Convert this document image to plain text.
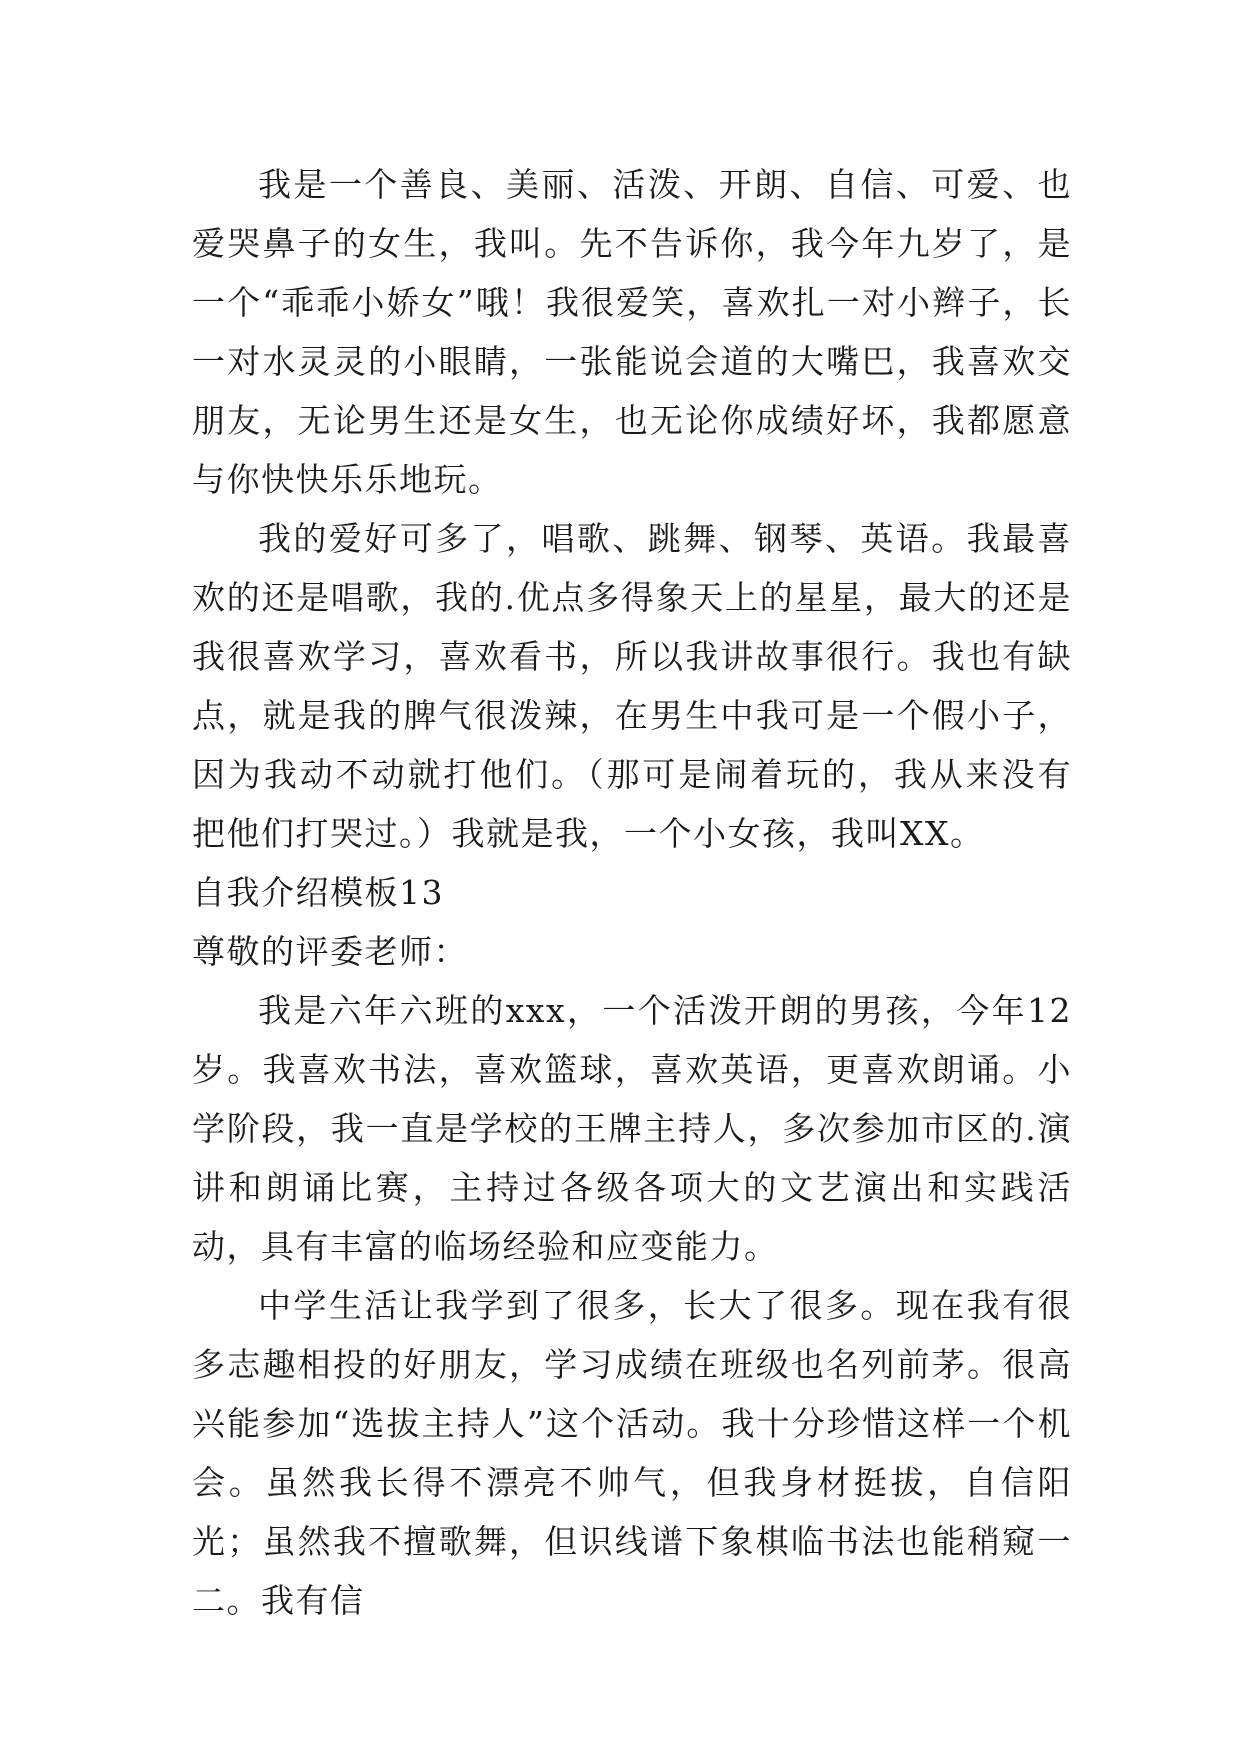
我是一个善良、美丽、活泼、开朗、自信、可爱、也爱哭鼻子的女生，我叫。先不告诉你，我今年九岁了，是一个“乖乖小娇女”哦！我很爱笑，喜欢扎一对小辫子，长一对水灵灵的小眼睛，一张能说会道的大嘴巴，我喜欢交朋友，无论男生还是女生，也无论你成绩好坏，我都愿意与你快快乐乐地玩。

我的爱好可多了，唱歌、跳舞、钢琴、英语。我最喜欢的还是唱歌，我的.优点多得象天上的星星，最大的还是我很喜欢学习，喜欢看书，所以我讲故事很行。我也有缺点，就是我的脾气很泼辣，在男生中我可是一个假小子，因为我动不动就打他们。（那可是闹着玩的，我从来没有把他们打哭过。）我就是我，一个小女孩，我叫XX。

自我介绍模板13

尊敬的评委老师：

我是六年六班的xxx，一个活泼开朗的男孩，今年12岁。我喜欢书法，喜欢篮球，喜欢英语，更喜欢朗诵。小学阶段，我一直是学校的王牌主持人，多次参加市区的.演讲和朗诵比赛，主持过各级各项大的文艺演出和实践活动，具有丰富的临场经验和应变能力。

中学生活让我学到了很多，长大了很多。现在我有很多志趣相投的好朋友，学习成绩在班级也名列前茅。很高兴能参加“选拔主持人”这个活动。我十分珍惜这样一个机会。虽然我长得不漂亮不帅气，但我身材挺拔，自信阳光；虽然我不擅歌舞，但识线谱下象棋临书法也能稍窥一二。我有信
